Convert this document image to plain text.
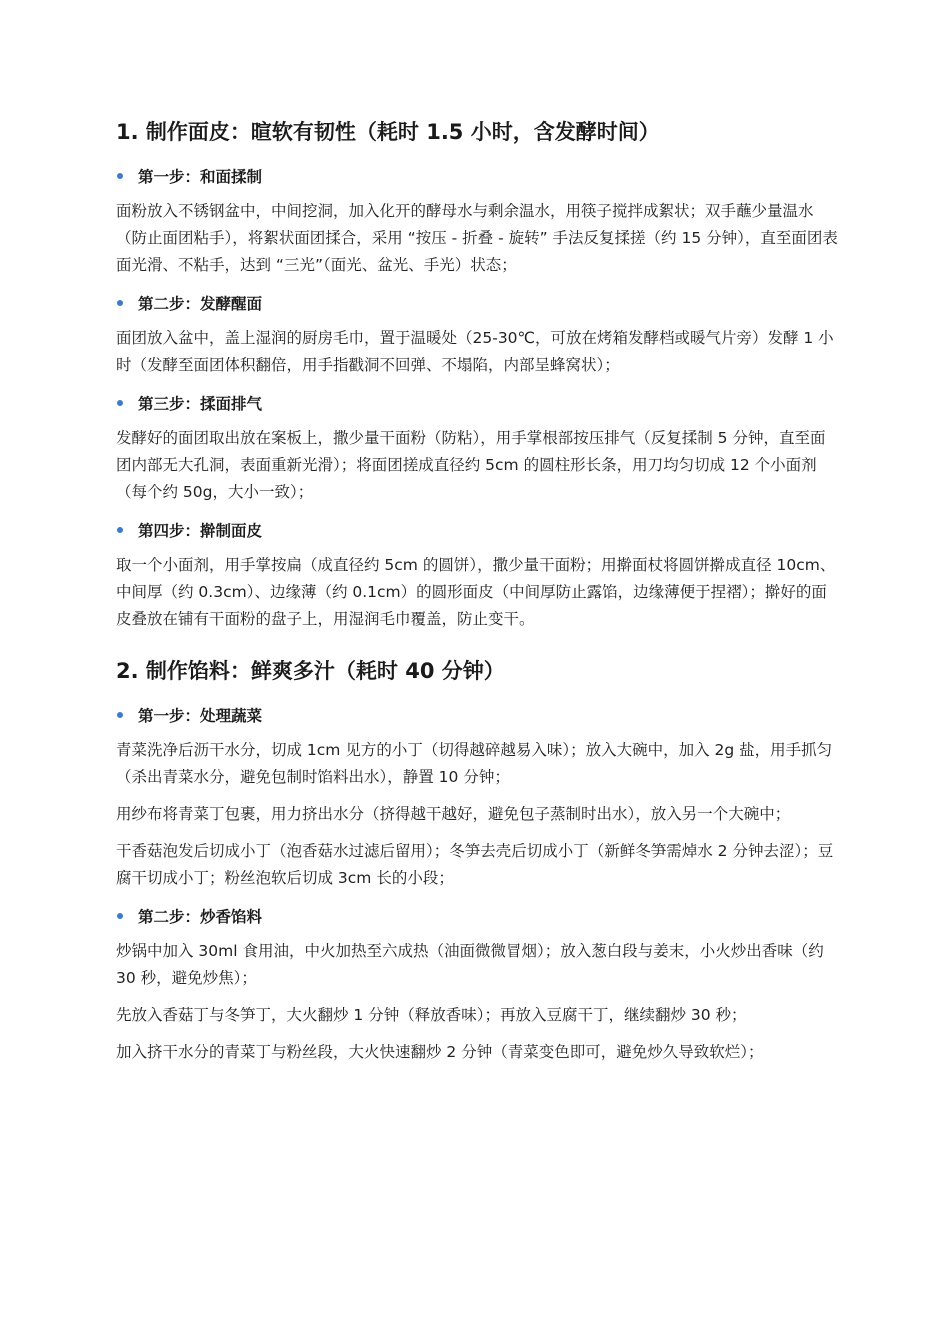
1. 制作面皮：暄软有韧性（耗时 1.5 小时，含发酵时间）
第一步：和面揉制

面粉放入不锈钢盆中，中间挖洞，加入化开的酵母水与剩余温水，用筷子搅拌成絮状；双手蘸少量温水（防止面团粘手），将絮状面团揉合，采用 “按压 - 折叠 - 旋转” 手法反复揉搓（约 15 分钟），直至面团表面光滑、不粘手，达到 “三光”（面光、盆光、手光）状态；

第二步：发酵醒面

面团放入盆中，盖上湿润的厨房毛巾，置于温暖处（25-30℃，可放在烤箱发酵档或暖气片旁）发酵 1 小时（发酵至面团体积翻倍，用手指戳洞不回弹、不塌陷，内部呈蜂窝状）；

第三步：揉面排气

发酵好的面团取出放在案板上，撒少量干面粉（防粘），用手掌根部按压排气（反复揉制 5 分钟，直至面团内部无大孔洞，表面重新光滑）；将面团搓成直径约 5cm 的圆柱形长条，用刀均匀切成 12 个小面剂（每个约 50g，大小一致）；

第四步：擀制面皮

取一个小面剂，用手掌按扁（成直径约 5cm 的圆饼），撒少量干面粉；用擀面杖将圆饼擀成直径 10cm、中间厚（约 0.3cm）、边缘薄（约 0.1cm）的圆形面皮（中间厚防止露馅，边缘薄便于捏褶）；擀好的面皮叠放在铺有干面粉的盘子上，用湿润毛巾覆盖，防止变干。

2. 制作馅料：鲜爽多汁（耗时 40 分钟）
第一步：处理蔬菜

青菜洗净后沥干水分，切成 1cm 见方的小丁（切得越碎越易入味）；放入大碗中，加入 2g 盐，用手抓匀（杀出青菜水分，避免包制时馅料出水），静置 10 分钟；

用纱布将青菜丁包裹，用力挤出水分（挤得越干越好，避免包子蒸制时出水），放入另一个大碗中；

干香菇泡发后切成小丁（泡香菇水过滤后留用）；冬笋去壳后切成小丁（新鲜冬笋需焯水 2 分钟去涩）；豆腐干切成小丁；粉丝泡软后切成 3cm 长的小段；

第二步：炒香馅料

炒锅中加入 30ml 食用油，中火加热至六成热（油面微微冒烟）；放入葱白段与姜末，小火炒出香味（约 30 秒，避免炒焦）；

先放入香菇丁与冬笋丁，大火翻炒 1 分钟（释放香味）；再放入豆腐干丁，继续翻炒 30 秒；

加入挤干水分的青菜丁与粉丝段，大火快速翻炒 2 分钟（青菜变色即可，避免炒久导致软烂）；
